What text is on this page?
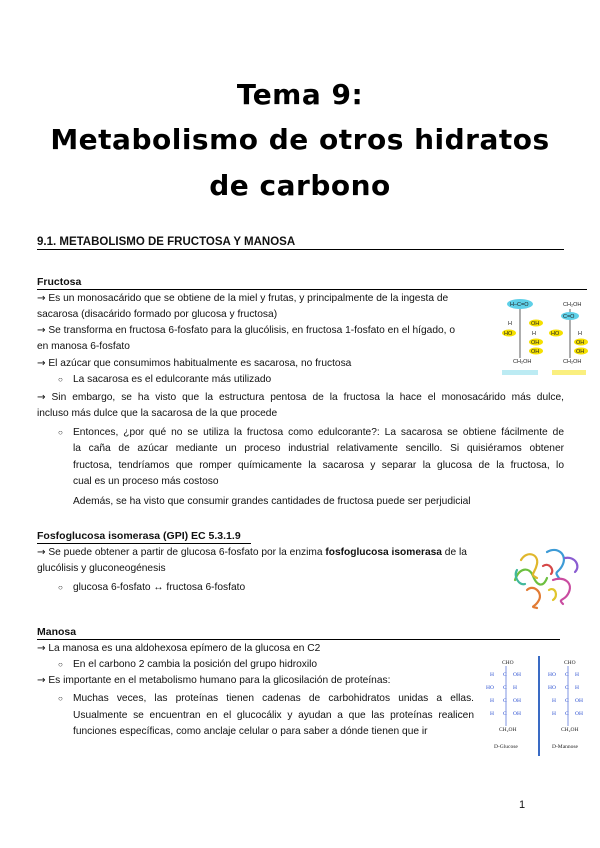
Tema 9:
Metabolismo de otros hidratos
de carbono
9.1. METABOLISMO DE FRUCTOSA Y MANOSA
Fructosa
→ Es un monosacárido que se obtiene de la miel y frutas, y principalmente de la ingesta de
sacarosa (disacárido formado por glucosa y fructosa)
→ Se transforma en fructosa 6-fosfato para la glucólisis, en fructosa 1-fosfato en el hígado, o
en manosa 6-fosfato
→ El azúcar que consumimos habitualmente es sacarosa, no fructosa
○ La sacarosa es el edulcorante más utilizado
→ Sin embargo, se ha visto que la estructura pentosa de la fructosa la hace el monosacárido más dulce,
incluso más dulce que la sacarosa de la que procede
○ Entonces, ¿por qué no se utiliza la fructosa como edulcorante?: La sacarosa se obtiene fácilmente de
la caña de azúcar mediante un proceso industrial relativamente sencillo. Si quisiéramos obtener
fructosa, tendríamos que romper químicamente la sacarosa y separar la glucosa de la fructosa, lo
cual es un proceso más costoso
Además, se ha visto que consumir grandes cantidades de fructosa puede ser perjudicial
H–C=O	CH₂OH
C=O
OH
H
HO	H	HO	H
OH	OH
OH	OH
CH₂OH	CH₂OH
Fosfoglucosa isomerasa (GPI) EC 5.3.1.9
→ Se puede obtener a partir de glucosa 6-fosfato por la enzima fosfoglucosa isomerasa de la
glucólisis y gluconeogénesis
○ glucosa 6-fosfato ↔ fructosa 6-fosfato
Manosa
→ La manosa es una aldohexosa epímero de la glucosa en C2
○ En el carbono 2 cambia la posición del grupo hidroxilo
→ Es importante en el metabolismo humano para la glicosilación de proteínas:
○ Muchas veces, las proteínas tienen cadenas de carbohidratos unidas a ellas.
Usualmente se encuentran en el glucocálix y ayudan a que las proteínas realicen
funciones específicas, como anclaje celular o para saber a dónde tienen que ir
CHO
H C OH
HO C H
H C OH
H C OH
CH₂OH
D-Glucose
CHO
HO C H
HO C H
H C OH
H C OH
CH₂OH
D-Mannose
1
